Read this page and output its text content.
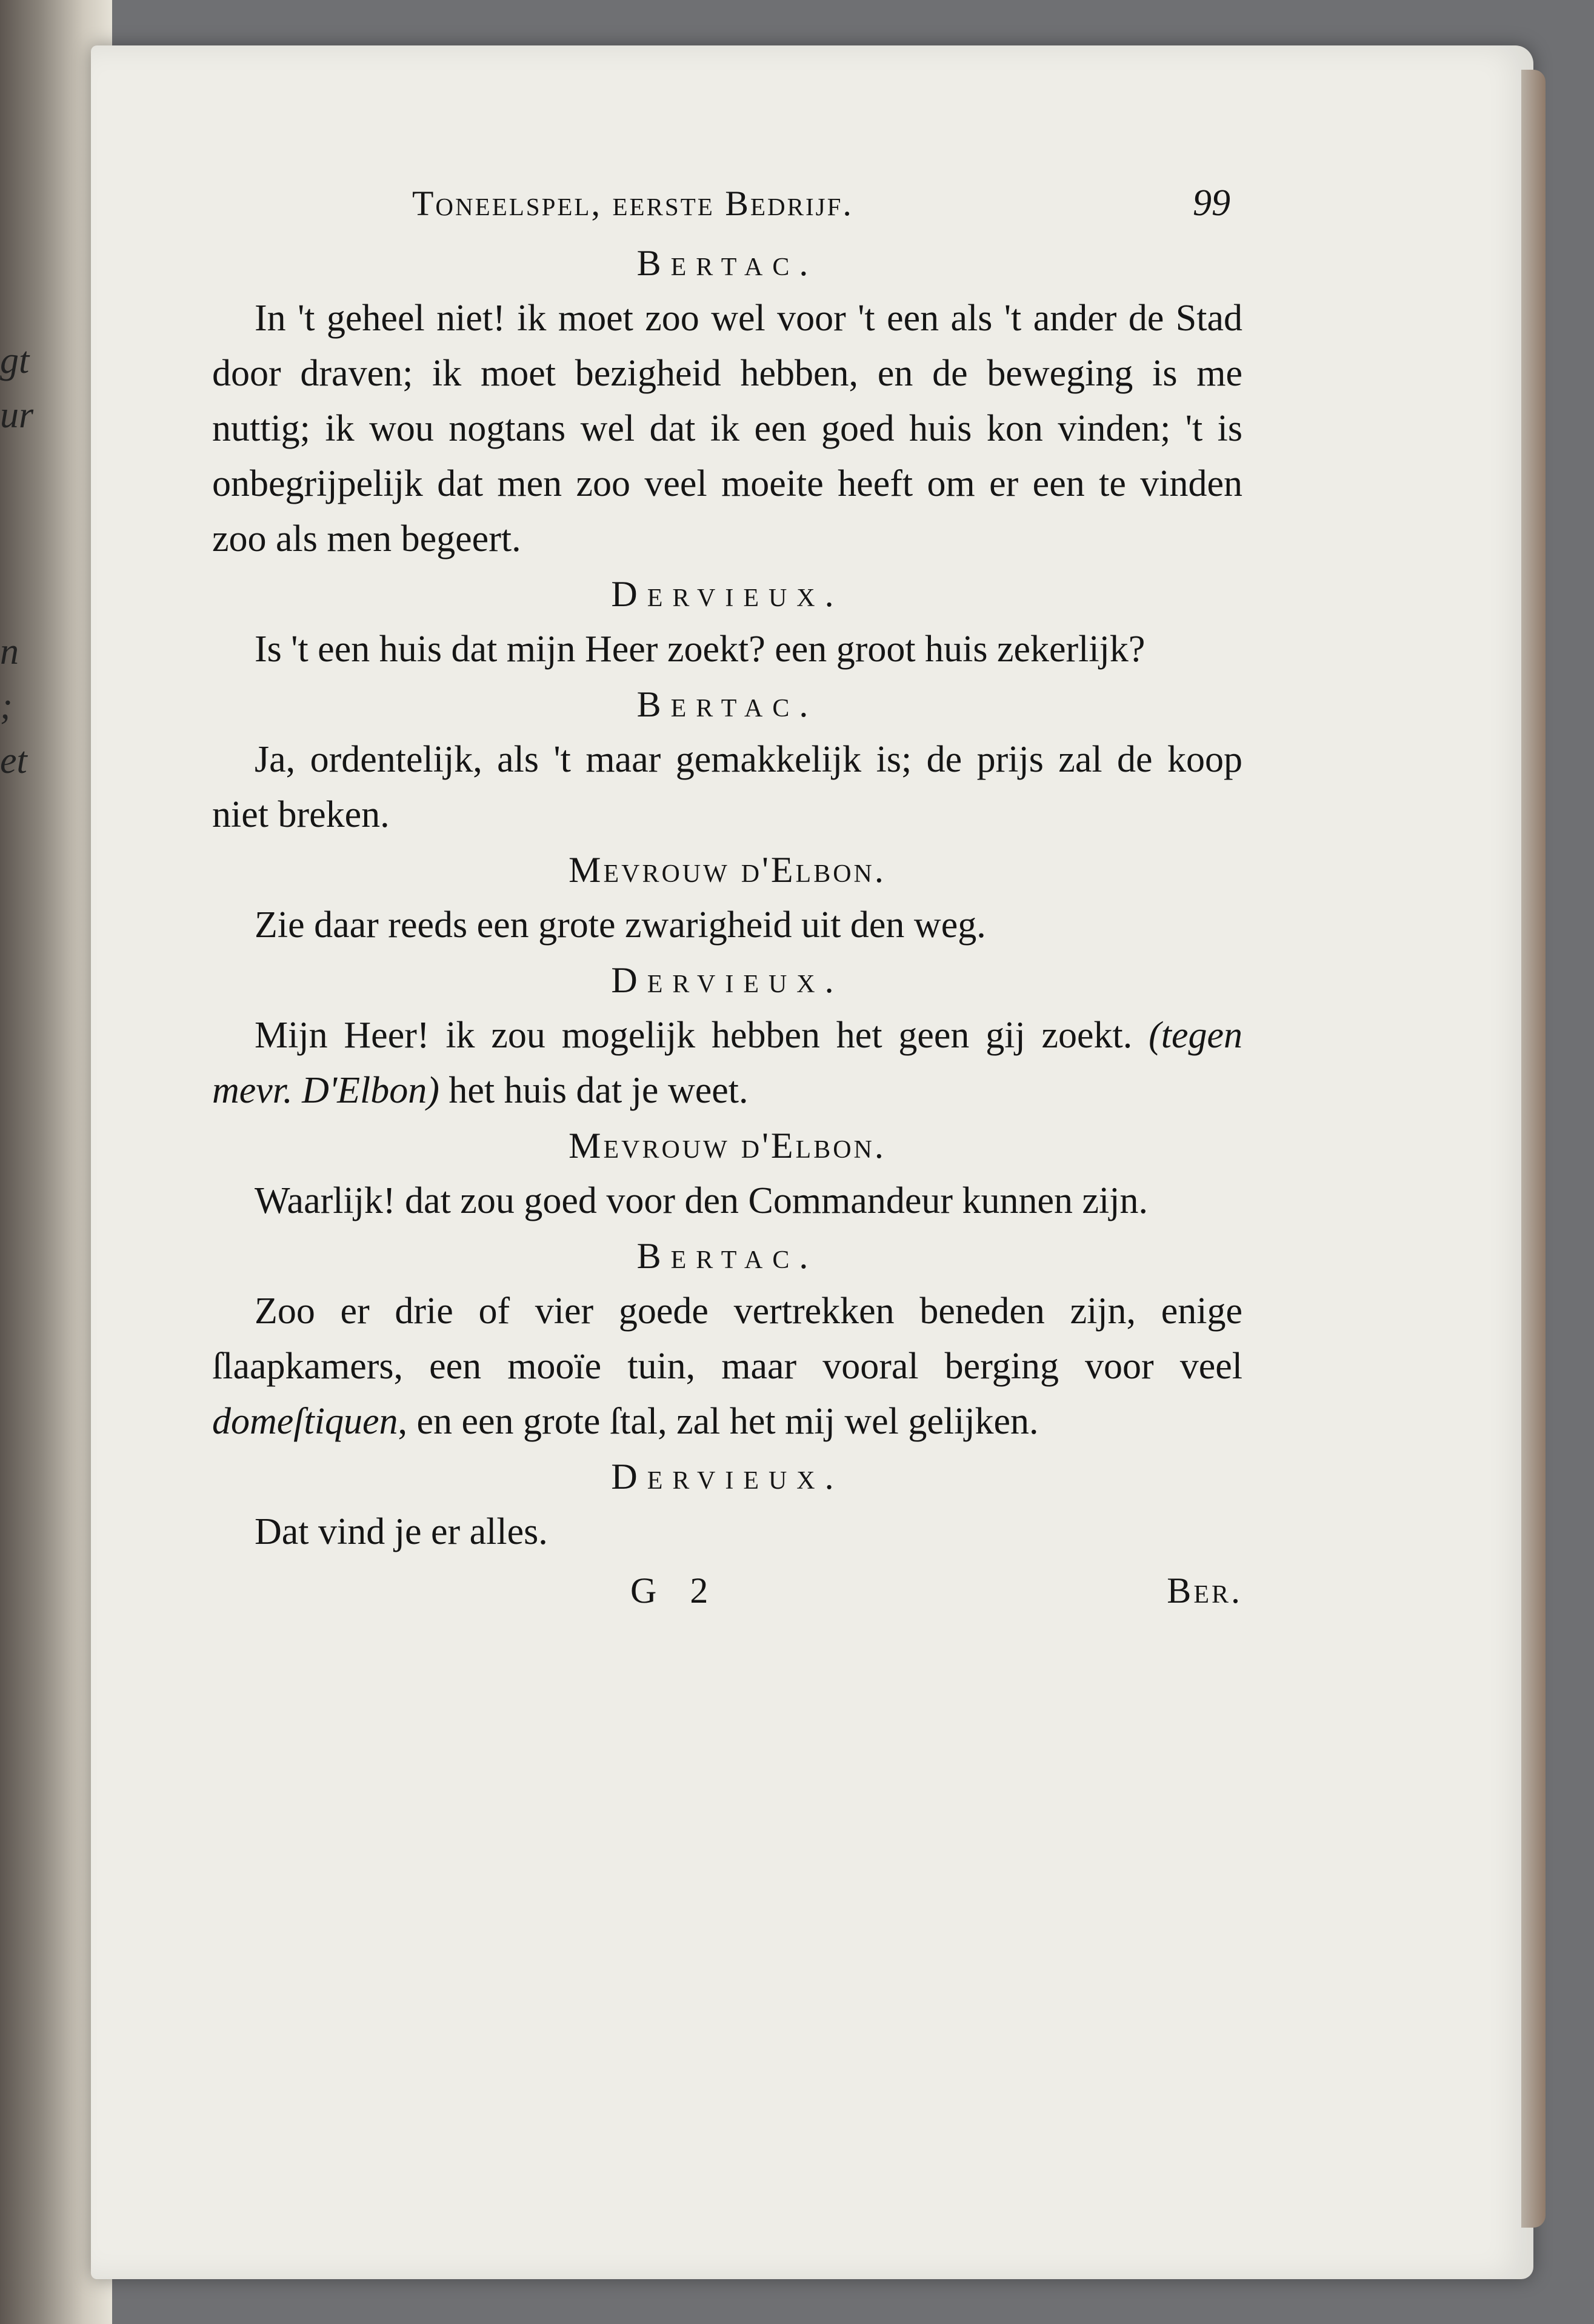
gt
ur
n
;
et
Toneelspel, eerste Bedrijf.	99

Bertac.

In 't geheel niet! ik moet zoo wel voor 't een als 't ander de Stad door draven; ik moet bezigheid hebben, en de beweging is me nuttig; ik wou nogtans wel dat ik een goed huis kon vinden; 't is onbegrijpelijk dat men zoo veel moeite heeft om er een te vinden zoo als men begeert.

Dervieux.

Is 't een huis dat mijn Heer zoekt? een groot huis zekerlijk?

Bertac.

Ja, ordentelijk, als 't maar gemakkelijk is; de prijs zal de koop niet breken.

Mevrouw d'Elbon.

Zie daar reeds een grote zwarigheid uit den weg.

Dervieux.

Mijn Heer! ik zou mogelijk hebben het geen gij zoekt. (tegen mevr. D'Elbon) het huis dat je weet.

Mevrouw d'Elbon.

Waarlijk! dat zou goed voor den Commandeur kunnen zijn.

Bertac.

Zoo er drie of vier goede vertrekken beneden zijn, enige ſlaapkamers, een mooïe tuin, maar vooral berging voor veel domeſtiquen, en een grote ſtal, zal het mij wel gelijken.

Dervieux.

Dat vind je er alles.

G 2	Ber.
